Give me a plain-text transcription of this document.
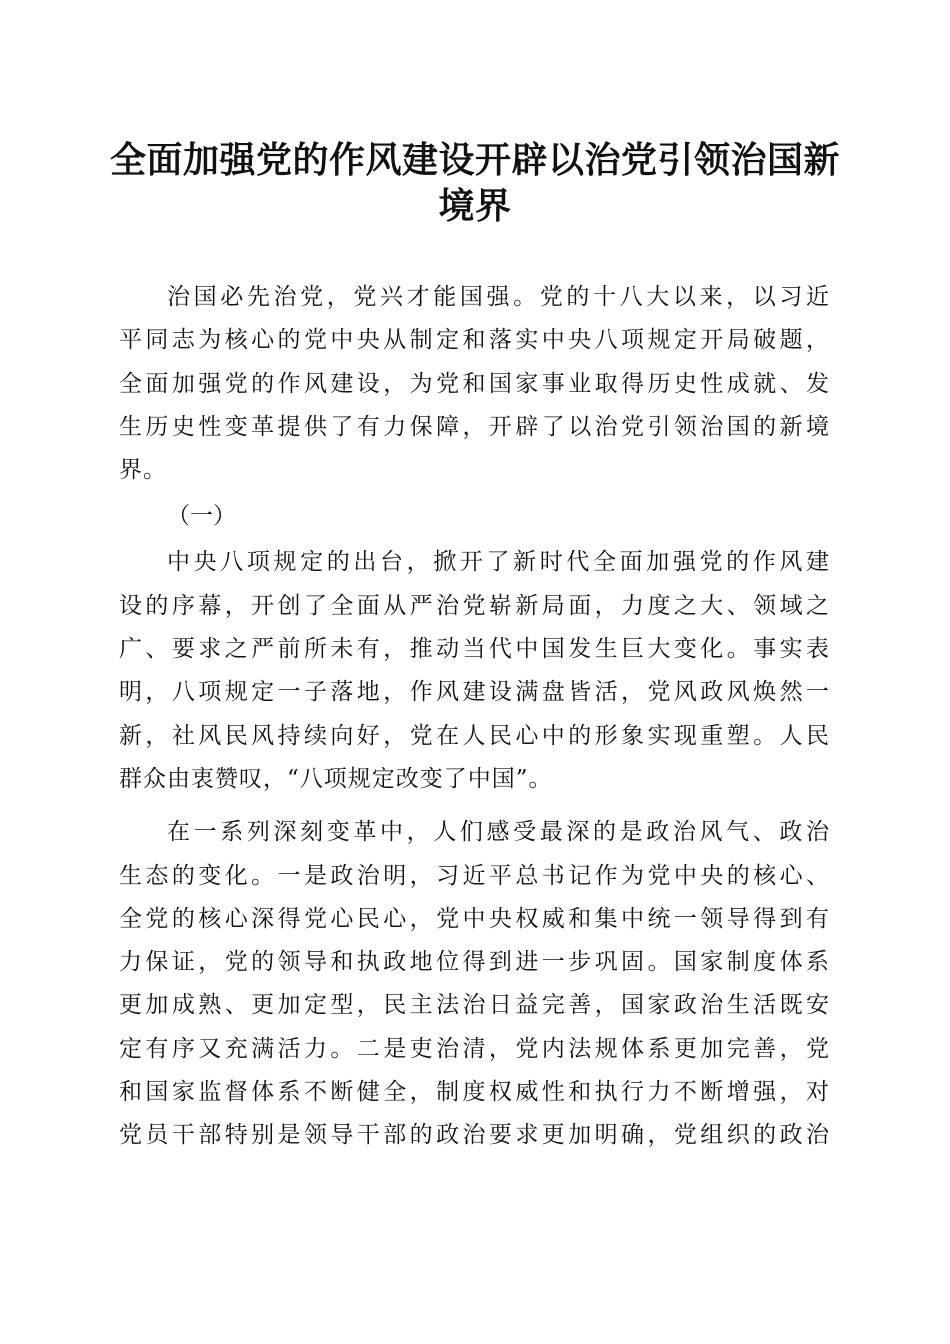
全面加强党的作风建设开辟以治党引领治国新
境界
治国必先治党，党兴才能国强。党的十八大以来，以习近
平同志为核心的党中央从制定和落实中央八项规定开局破题，
全面加强党的作风建设，为党和国家事业取得历史性成就、发
生历史性变革提供了有力保障，开辟了以治党引领治国的新境
界。
（一）
中央八项规定的出台，掀开了新时代全面加强党的作风建
设的序幕，开创了全面从严治党崭新局面，力度之大、领域之
广、要求之严前所未有，推动当代中国发生巨大变化。事实表
明，八项规定一子落地，作风建设满盘皆活，党风政风焕然一
新，社风民风持续向好，党在人民心中的形象实现重塑。人民
群众由衷赞叹，“八项规定改变了中国”。
在一系列深刻变革中，人们感受最深的是政治风气、政治
生态的变化。一是政治明，习近平总书记作为党中央的核心、
全党的核心深得党心民心，党中央权威和集中统一领导得到有
力保证，党的领导和执政地位得到进一步巩固。国家制度体系
更加成熟、更加定型，民主法治日益完善，国家政治生活既安
定有序又充满活力。二是吏治清，党内法规体系更加完善，党
和国家监督体系不断健全，制度权威性和执行力不断增强，对
党员干部特别是领导干部的政治要求更加明确，党组织的政治
